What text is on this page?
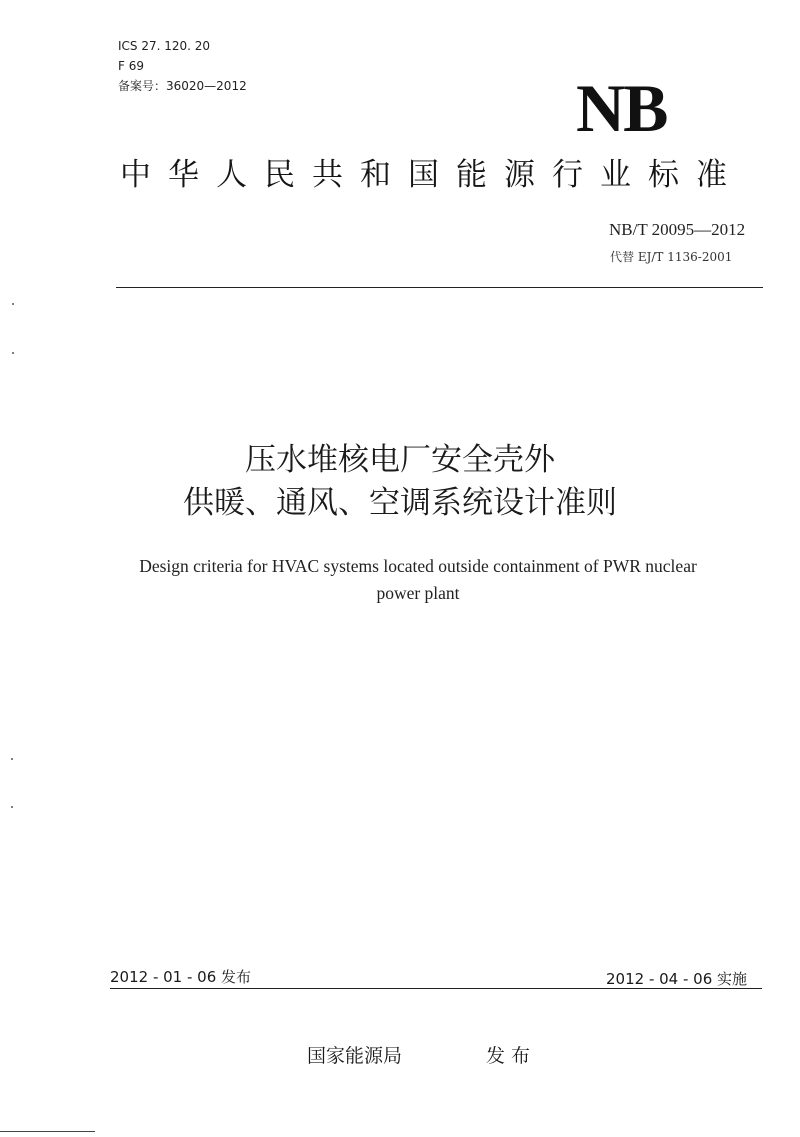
ICS 27. 120. 20
F 69
备案号：36020—2012	NB
中华人民共和国能源行业标准
NB/T 20095—2012
代替 EJ/T 1136-2001
压水堆核电厂安全壳外
供暖、通风、空调系统设计准则
Design criteria for HVAC systems located outside containment of PWR nuclear
power plant
2012 - 01 - 06 发布	2012 - 04 - 06 实施
国家能源局	发 布
